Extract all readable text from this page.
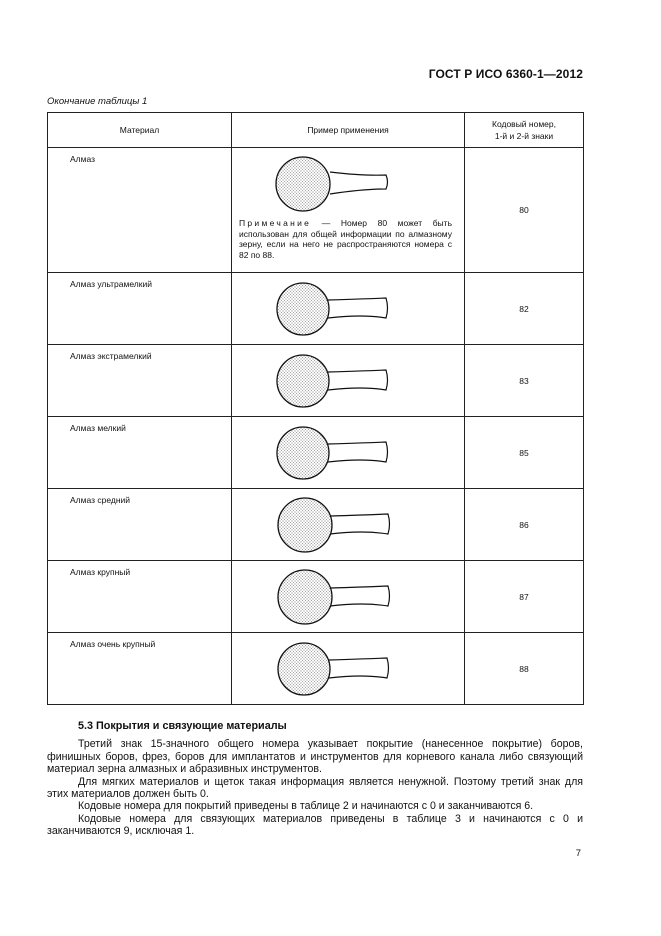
ГОСТ Р ИСО 6360-1—2012
Окончание таблицы 1
Материал	Пример применения	Кодовый номер,
1-й и 2-й знаки
Алмаз	Примечание — Номер 80 может быть использован для общей информации по алмазному зерну, если на него не распространяются номера с 82 по 88.	80
Алмаз ультрамелкий		82
Алмаз экстрамелкий		83
Алмаз мелкий		85
Алмаз средний		86
Алмаз крупный		87
Алмаз очень крупный		88
5.3 Покрытия и связующие материалы

Третий знак 15-значного общего номера указывает покрытие (нанесенное покрытие) боров, финишных боров, фрез, боров для имплантатов и инструментов для корневого канала либо связующий материал зерна алмазных и абразивных инструментов.

Для мягких материалов и щеток такая информация является ненужной. Поэтому третий знак для этих материалов должен быть 0.

Кодовые номера для покрытий приведены в таблице 2 и начинаются с 0 и заканчиваются 6.

Кодовые номера для связующих материалов приведены в таблице 3 и начинаются с 0 и заканчиваются 9, исключая 1.

7
